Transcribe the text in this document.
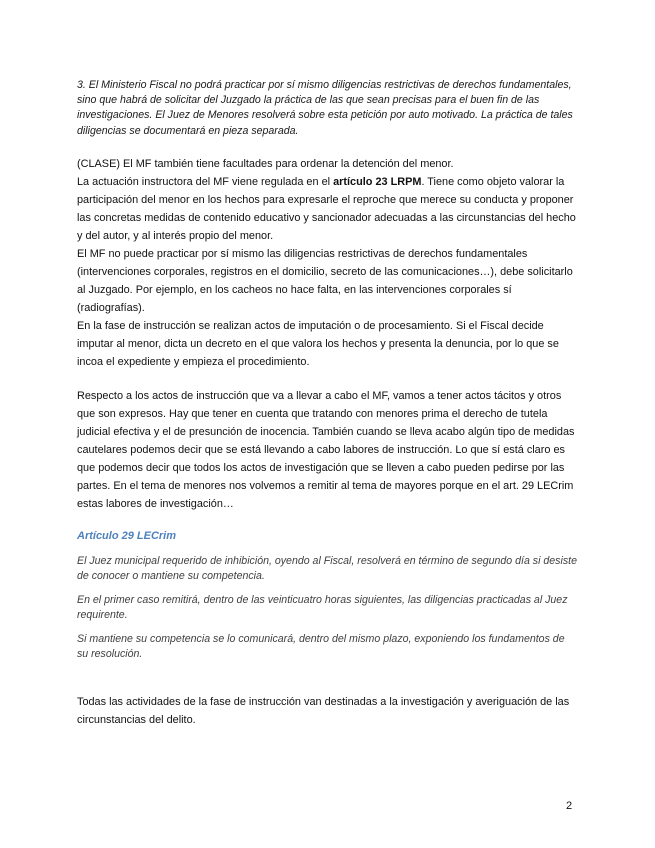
3. El Ministerio Fiscal no podrá practicar por sí mismo diligencias restrictivas de derechos fundamentales, sino que habrá de solicitar del Juzgado la práctica de las que sean precisas para el buen fin de las investigaciones. El Juez de Menores resolverá sobre esta petición por auto motivado. La práctica de tales diligencias se documentará en pieza separada.

(CLASE) El MF también tiene facultades para ordenar la detención del menor.

La actuación instructora del MF viene regulada en el artículo 23 LRPM. Tiene como objeto valorar la participación del menor en los hechos para expresarle el reproche que merece su conducta y proponer las concretas medidas de contenido educativo y sancionador adecuadas a las circunstancias del hecho y del autor, y al interés propio del menor.

El MF no puede practicar por sí mismo las diligencias restrictivas de derechos fundamentales (intervenciones corporales, registros en el domicilio, secreto de las comunicaciones…), debe solicitarlo al Juzgado. Por ejemplo, en los cacheos no hace falta, en las intervenciones corporales sí (radiografías).

En la fase de instrucción se realizan actos de imputación o de procesamiento. Si el Fiscal decide imputar al menor, dicta un decreto en el que valora los hechos y presenta la denuncia, por lo que se incoa el expediente y empieza el procedimiento.

Respecto a los actos de instrucción que va a llevar a cabo el MF, vamos a tener actos tácitos y otros que son expresos. Hay que tener en cuenta que tratando con menores prima el derecho de tutela judicial efectiva y el de presunción de inocencia. También cuando se lleva acabo algún tipo de medidas cautelares podemos decir que se está llevando a cabo labores de instrucción. Lo que sí está claro es que podemos decir que todos los actos de investigación que se lleven a cabo pueden pedirse por las partes. En el tema de menores nos volvemos a remitir al tema de mayores porque en el art. 29 LECrim estas labores de investigación…

Artículo 29 LECrim

El Juez municipal requerido de inhibición, oyendo al Fiscal, resolverá en término de segundo día si desiste de conocer o mantiene su competencia.

En el primer caso remitirá, dentro de las veinticuatro horas siguientes, las diligencias practicadas al Juez requirente.

Si mantiene su competencia se lo comunicará, dentro del mismo plazo, exponiendo los fundamentos de su resolución.

Todas las actividades de la fase de instrucción van destinadas a la investigación y averiguación de las circunstancias del delito.

2
